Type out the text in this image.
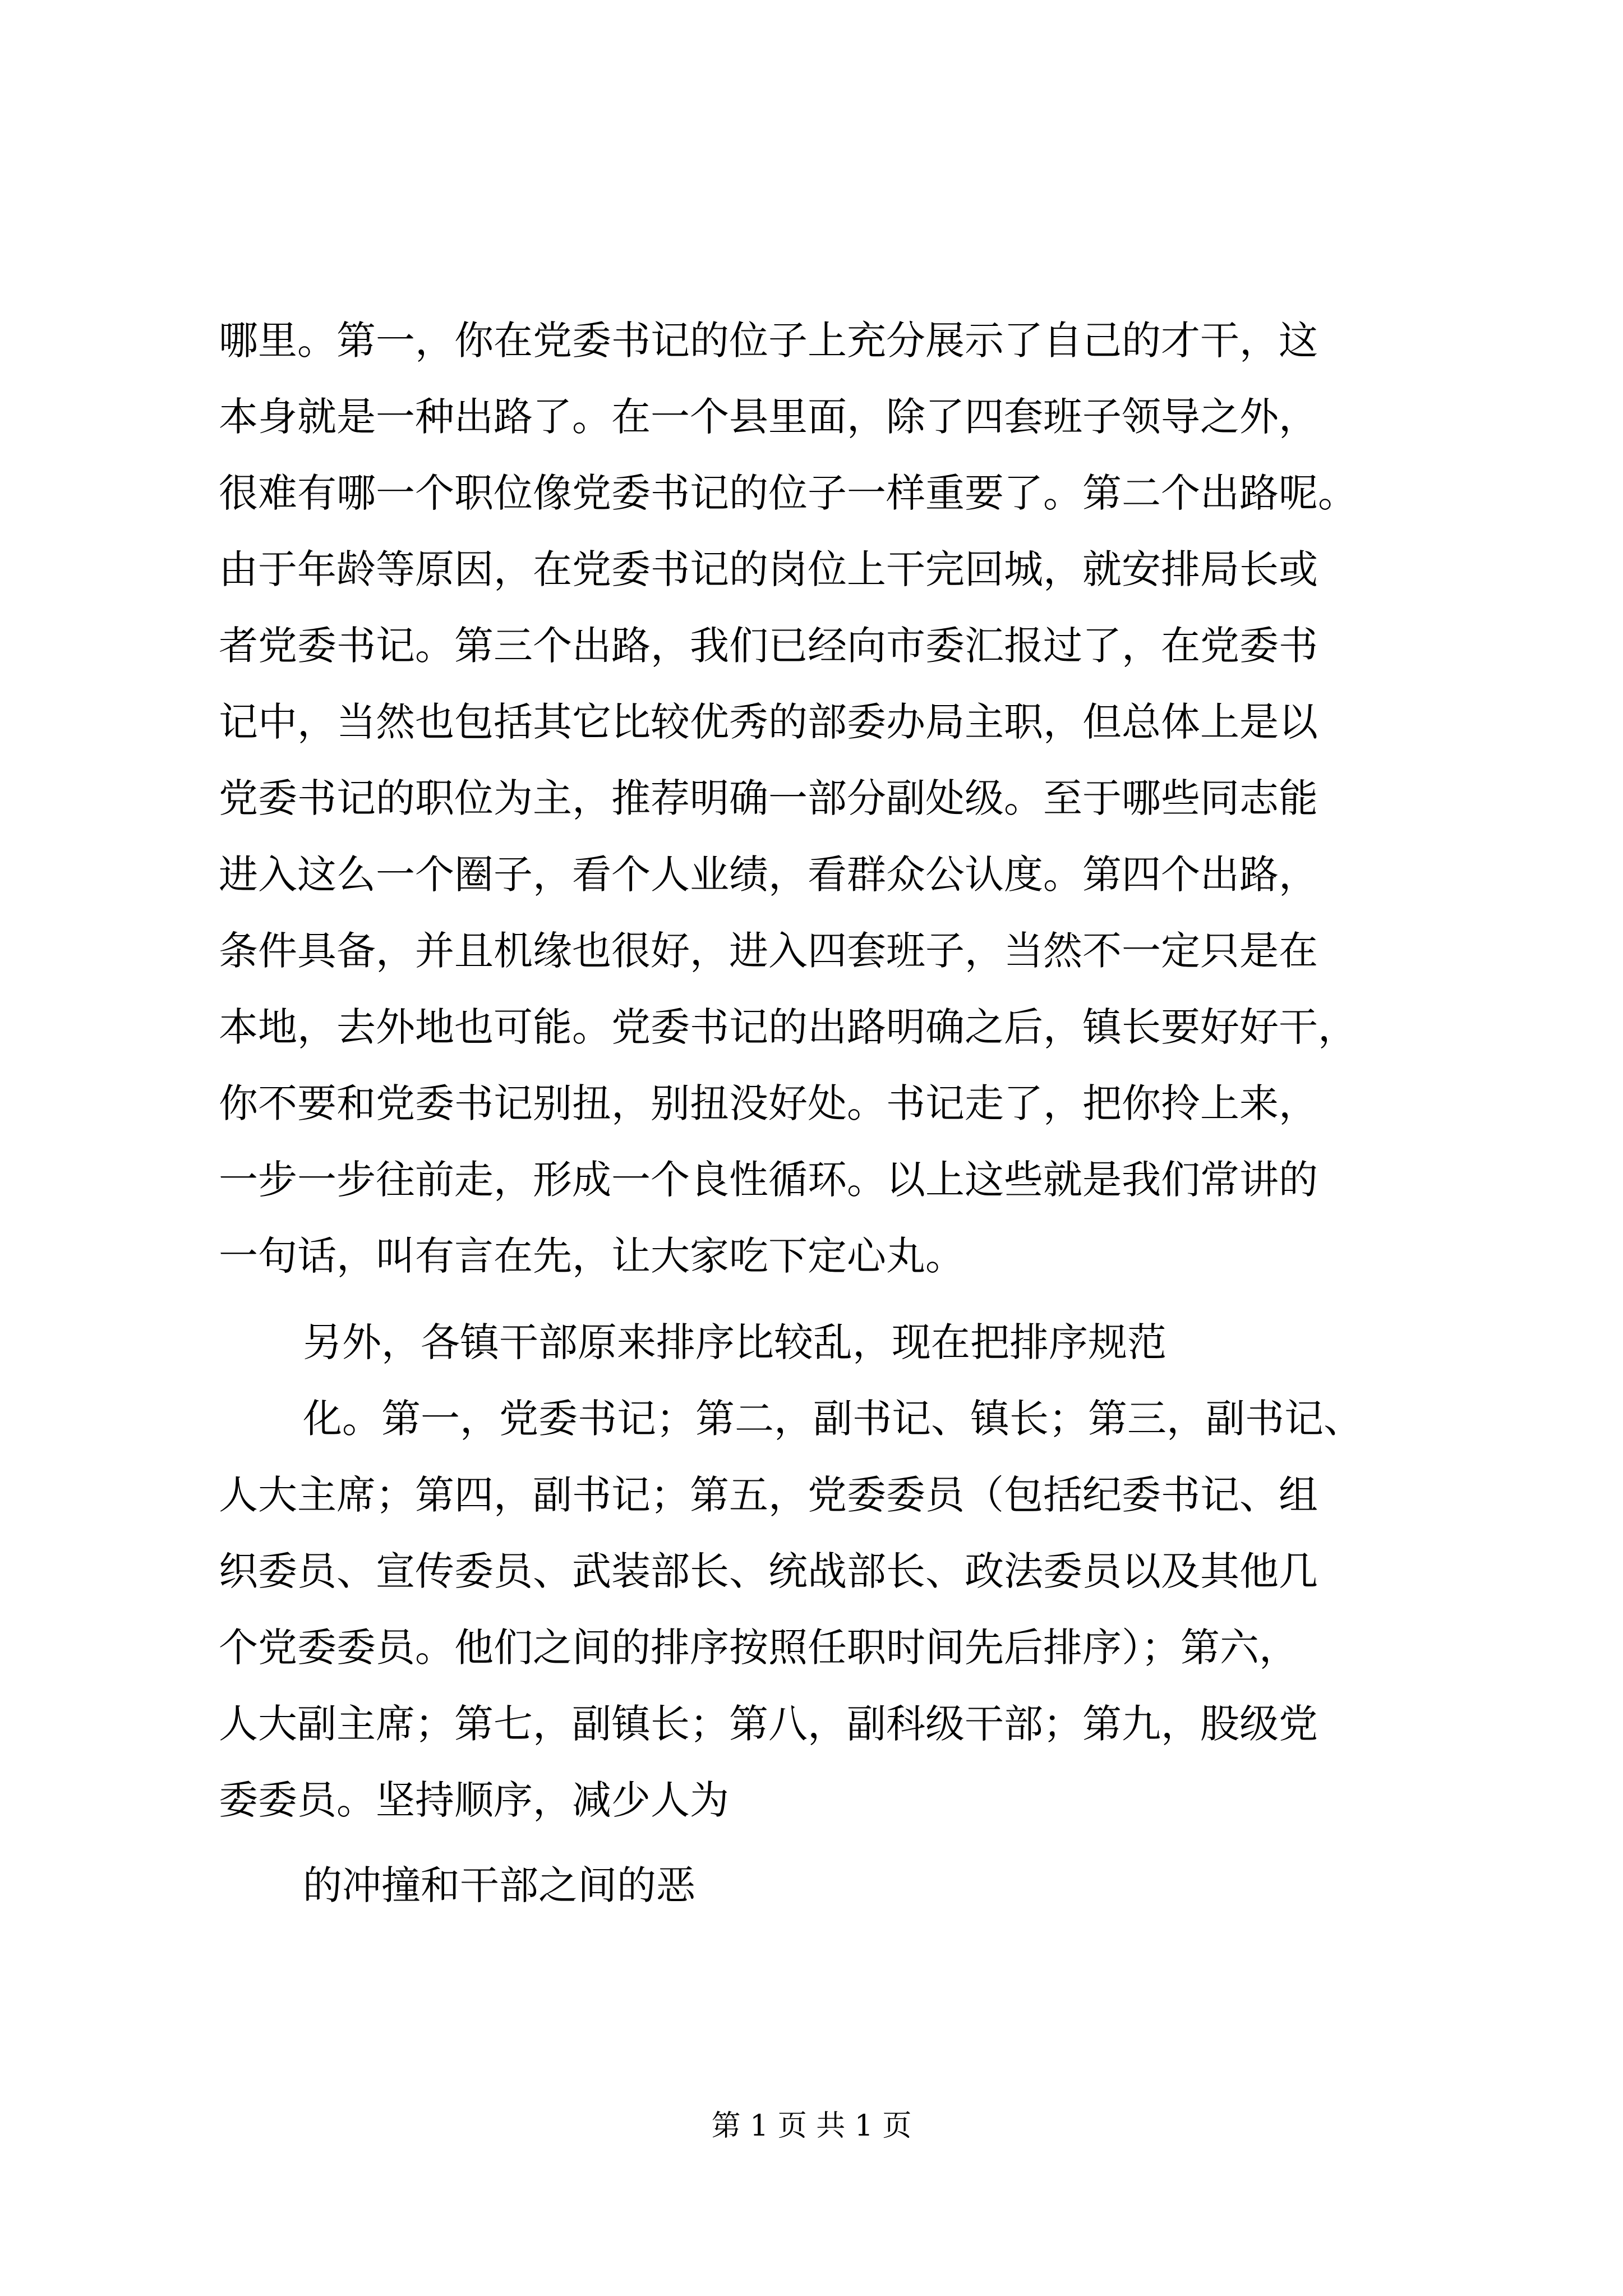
哪里。第一，你在党委书记的位子上充分展示了自己的才干，这
本身就是一种出路了。在一个县里面，除了四套班子领导之外，
很难有哪一个职位像党委书记的位子一样重要了。第二个出路呢。
由于年龄等原因，在党委书记的岗位上干完回城，就安排局长或
者党委书记。第三个出路，我们已经向市委汇报过了，在党委书
记中，当然也包括其它比较优秀的部委办局主职，但总体上是以
党委书记的职位为主，推荐明确一部分副处级。至于哪些同志能
进入这么一个圈子，看个人业绩，看群众公认度。第四个出路，
条件具备，并且机缘也很好，进入四套班子，当然不一定只是在
本地，去外地也可能。党委书记的出路明确之后，镇长要好好干，
你不要和党委书记别扭，别扭没好处。书记走了，把你拎上来，
一步一步往前走，形成一个良性循环。以上这些就是我们常讲的
一句话，叫有言在先，让大家吃下定心丸。
另外，各镇干部原来排序比较乱，现在把排序规范
化。第一，党委书记；第二，副书记、镇长；第三，副书记、
人大主席；第四，副书记；第五，党委委员（包括纪委书记、组
织委员、宣传委员、武装部长、统战部长、政法委员以及其他几
个党委委员。他们之间的排序按照任职时间先后排序）；第六，
人大副主席；第七，副镇长；第八，副科级干部；第九，股级党
委委员。坚持顺序，减少人为
的冲撞和干部之间的恶
第 1 页 共 1 页
